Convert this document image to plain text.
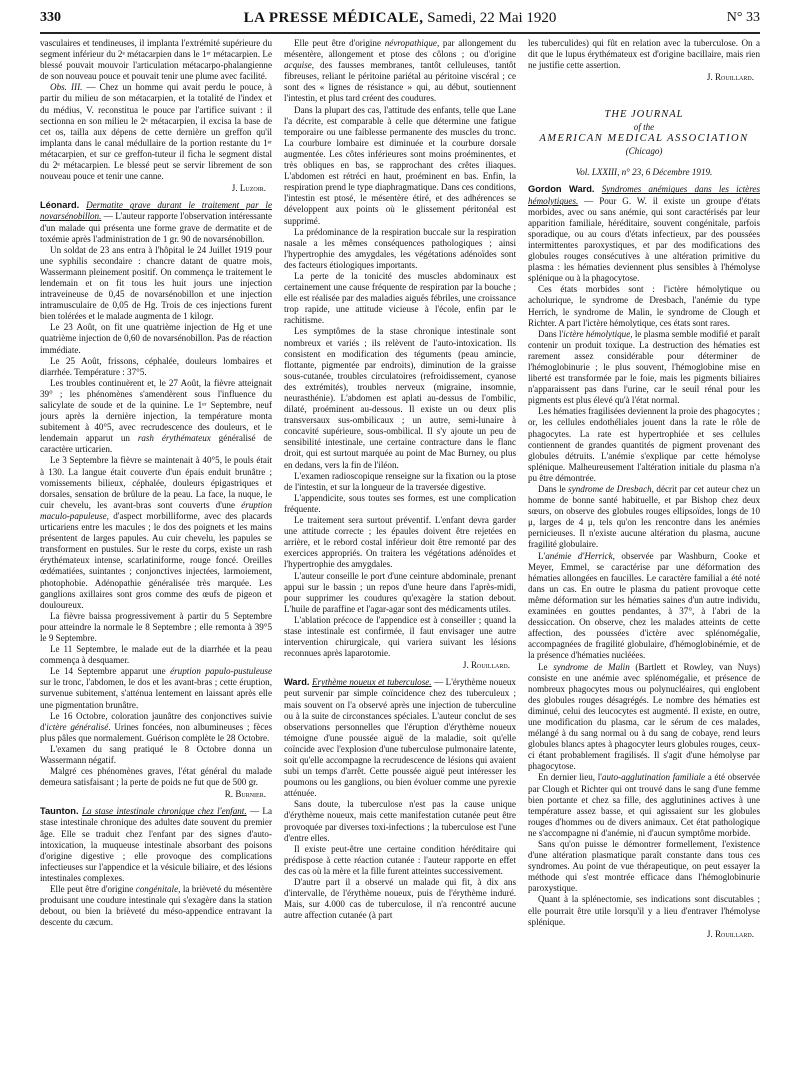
330	LA PRESSE MÉDICALE, Samedi, 22 Mai 1920	N° 33

vasculaires et tendineuses, il implanta l'extrémité supérieure du segment inférieur du 2ᵉ métacarpien dans le 1ᵉʳ métacarpien. Le blessé pouvait mouvoir l'articulation métacarpo-phalangienne de son nouveau pouce et pouvait tenir une plume avec facilité.

Obs. III. — Chez un homme qui avait perdu le pouce, à partir du milieu de son métacarpien, et la totalité de l'index et du médius, V. reconstitua le pouce par l'artifice suivant : il sectionna en son milieu le 2ᵉ métacarpien, il excisa la base de cet os, tailla aux dépens de cette dernière un greffon qu'il implanta dans le canal médullaire de la portion restante du 1ᵉʳ métacarpien, et sur ce greffon-tuteur il ficha le segment distal du 2ᵉ métacarpien. Le blessé peut se servir librement de son nouveau pouce et tenir une canne.

J. Luzoir.

Léonard. Dermatite grave durant le traitement par le novarsénobillon. — L'auteur rapporte l'observation intéressante d'un malade qui présenta une forme grave de dermatite et de toxémie après l'administration de 1 gr. 90 de novarsénobillon.

Un soldat de 23 ans entra à l'hôpital le 24 Juillet 1919 pour une syphilis secondaire : chancre datant de quatre mois, Wassermann pleinement positif. On commença le traitement le lendemain et on fit tous les huit jours une injection intraveineuse de 0,45 de novarsénobillon et une injection intramusculaire de 0,05 de Hg. Trois de ces injections furent bien tolérées et le malade augmenta de 1 kilogr.

Le 23 Août, on fit une quatrième injection de Hg et une quatrième injection de 0,60 de novarsénobillon. Pas de réaction immédiate.

Le 25 Août, frissons, céphalée, douleurs lombaires et diarrhée. Température : 37°5.

Les troubles continuèrent et, le 27 Août, la fièvre atteignait 39° ; les phénomènes s'amendèrent sous l'influence du salicylate de soude et de la quinine. Le 1ᵉʳ Septembre, neuf jours après la dernière injection, la température monta subitement à 40°5, avec recrudescence des douleurs, et le lendemain apparut un rash érythémateux généralisé de caractère urticarien.

Le 3 Septembre la fièvre se maintenait à 40°5, le pouls était à 130. La langue était couverte d'un épais enduit brunâtre ; vomissements bilieux, céphalée, douleurs épigastriques et dorsales, sensation de brûlure de la peau. La face, la nuque, le cuir chevelu, les avant-bras sont couverts d'une éruption maculo-papuleuse, d'aspect morbilliforme, avec des placards urticariens entre les macules ; le dos des poignets et les mains présentent de larges papules. Au cuir chevelu, les papules se transforment en pustules. Sur le reste du corps, existe un rash érythémateux intense, scarlatiniforme, rouge foncé. Oreilles œdématiées, suintantes ; conjonctives injectées, larmoiement, photophobie. Adénopathie généralisée très marquée. Les ganglions axillaires sont gros comme des œufs de pigeon et douloureux.

La fièvre baissa progressivement à partir du 5 Septembre pour atteindre la normale le 8 Septembre ; elle remonta à 39°5 le 9 Septembre.

Le 11 Septembre, le malade eut de la diarrhée et la peau commença à desquamer.

Le 14 Septembre apparut une éruption papulo-pustuleuse sur le tronc, l'abdomen, le dos et les avant-bras ; cette éruption, survenue subitement, s'atténua lentement en laissant après elle une pigmentation brunâtre.

Le 16 Octobre, coloration jaunâtre des conjonctives suivie d'ictère généralisé. Urines foncées, non albumineuses ; fèces plus pâles que normalement. Guérison complète le 28 Octobre.

L'examen du sang pratiqué le 8 Octobre donna un Wassermann négatif.

Malgré ces phénomènes graves, l'état général du malade demeura satisfaisant ; la perte de poids ne fut que de 500 gr.

R. Burnier.

Taunton. La stase intestinale chronique chez l'enfant. — La stase intestinale chronique des adultes date souvent du premier âge. Elle se traduit chez l'enfant par des signes d'auto-intoxication, la muqueuse intestinale absorbant des poisons d'origine digestive ; elle provoque des complications infectieuses sur l'appendice et la vésicule biliaire, et des lésions intestinales complexes.

Elle peut être d'origine congénitale, la brièveté du mésentère produisant une coudure intestinale qui s'exagère dans la station debout, ou bien la brièveté du méso-appendice entravant la descente du cæcum.

Elle peut être d'origine névropathique, par allongement du mésentère, allongement et ptose des côlons ; ou d'origine acquise, des fausses membranes, tantôt celluleuses, tantôt fibreuses, reliant le péritoine pariétal au péritoine viscéral ; ce sont des « lignes de résistance » qui, au début, soutiennent l'intestin, et plus tard créent des coudures.

Dans la plupart des cas, l'attitude des enfants, telle que Lane l'a décrite, est comparable à celle que détermine une fatigue temporaire ou une faiblesse permanente des muscles du tronc. La courbure lombaire est diminuée et la courbure dorsale augmentée. Les côtes inférieures sont moins proéminentes, et très obliques en bas, se rapprochant des crêtes iliaques. L'abdomen est rétréci en haut, proéminent en bas. Enfin, la respiration prend le type diaphragmatique. Dans ces conditions, l'intestin est ptosé, le mésentère étiré, et des adhérences se développent aux points où le glissement péritonéal est supprimé.

La prédominance de la respiration buccale sur la respiration nasale a les mêmes conséquences pathologiques ; ainsi l'hypertrophie des amygdales, les végétations adénoïdes sont des facteurs étiologiques importants.

La perte de la tonicité des muscles abdominaux est certainement une cause fréquente de respiration par la bouche ; elle est réalisée par des maladies aiguës fébriles, une croissance trop rapide, une attitude vicieuse à l'école, enfin par le rachitisme.

Les symptômes de la stase chronique intestinale sont nombreux et variés ; ils relèvent de l'auto-intoxication. Ils consistent en modification des téguments (peau amincie, flottante, pigmentée par endroits), diminution de la graisse sous-cutanée, troubles circulatoires (refroidissement, cyanose des extrémités), troubles nerveux (migraine, insomnie, neurasthénie). L'abdomen est aplati au-dessus de l'ombilic, dilaté, proéminent au-dessous. Il existe un ou deux plis transversaux sus-ombilicaux ; un autre, semi-lunaire à concavité supérieure, sous-ombilical. Il s'y ajoute un peu de sensibilité intestinale, une certaine contracture dans le flanc droit, qui est surtout marquée au point de Mac Burney, ou plus en dedans, vers la fin de l'iléon.

L'examen radioscopique renseigne sur la fixation ou la ptose de l'intestin, et sur la longueur de la traversée digestive.

L'appendicite, sous toutes ses formes, est une complication fréquente.

Le traitement sera surtout préventif. L'enfant devra garder une attitude correcte ; les épaules doivent être rejetées en arrière, et le rebord costal inférieur doit être remonté par des exercices appropriés. On traitera les végétations adénoïdes et l'hypertrophie des amygdales.

L'auteur conseille le port d'une ceinture abdominale, prenant appui sur le bassin ; un repos d'une heure dans l'après-midi, pour supprimer les coudures qu'exagère la station debout. L'huile de paraffine et l'agar-agar sont des médicaments utiles.

L'ablation précoce de l'appendice est à conseiller ; quand la stase intestinale est confirmée, il faut envisager une autre intervention chirurgicale, qui variera suivant les lésions reconnues après laparotomie.

J. Rouillard.

Ward. Erythème noueux et tuberculose. — L'érythème noueux peut survenir par simple coïncidence chez des tuberculeux ; mais souvent on l'a observé après une injection de tuberculine ou à la suite de circonstances spéciales. L'auteur conclut de ses observations personnelles que l'éruption d'érythème noueux témoigne d'une poussée aiguë de la maladie, soit qu'elle coïncide avec l'explosion d'une tuberculose pulmonaire latente, soit qu'elle accompagne la recrudescence de lésions qui avaient subi un temps d'arrêt. Cette poussée aiguë peut intéresser les poumons ou les ganglions, ou bien évoluer comme une pyrexie atténuée.

Sans doute, la tuberculose n'est pas la cause unique d'érythème noueux, mais cette manifestation cutanée peut être provoquée par diverses toxi-infections ; la tuberculose est l'une d'entre elles.

Il existe peut-être une certaine condition héréditaire qui prédispose à cette réaction cutanée : l'auteur rapporte en effet des cas où la mère et la fille furent atteintes successivement.

D'autre part il a observé un malade qui fit, à dix ans d'intervalle, de l'érythème noueux, puis de l'érythème induré. Mais, sur 4.000 cas de tuberculose, il n'a rencontré aucune autre affection cutanée (à part

les tuberculides) qui fût en relation avec la tuberculose. On a dit que le lupus érythémateux est d'origine bacillaire, mais rien ne justifie cette assertion.

J. Rouillard.
THE JOURNAL
of the
AMERICAN MEDICAL ASSOCIATION
(Chicago)
Vol. LXXIII, n° 23, 6 Décembre 1919.

Gordon Ward. Syndromes anémiques dans les ictères hémolytiques. — Pour G. W. il existe un groupe d'états morbides, avec ou sans anémie, qui sont caractérisés par leur apparition familiale, héréditaire, souvent congénitale, parfois sporadique, ou au cours d'états infectieux, par des poussées intermittentes paroxystiques, et par des modifications des globules rouges consécutives à une altération primitive du plasma : les hématies deviennent plus sensibles à l'hémolyse splénique ou à la phagocytose.

Ces états morbides sont : l'ictère hémolytique ou acholurique, le syndrome de Dresbach, l'anémie du type Herrich, le syndrome de Malin, le syndrome de Clough et Richter. A part l'ictère hémolytique, ces états sont rares.

Dans l'ictère hémolytique, le plasma semble modifié et paraît contenir un produit toxique. La destruction des hématies est rarement assez considérable pour déterminer de l'hémoglobinurie ; le plus souvent, l'hémoglobine mise en liberté est transformée par le foie, mais les pigments biliaires n'apparaissent pas dans l'urine, car le seuil rénal pour les pigments est plus élevé qu'à l'état normal.

Les hématies fragilisées deviennent la proie des phagocytes ; or, les cellules endothéliales jouent dans la rate le rôle de phagocytes. La rate est hypertrophiée et ses cellules contiennent de grandes quantités de pigment provenant des globules détruits. L'anémie s'explique par cette hémolyse splénique. Malheureusement l'altération initiale du plasma n'a pu être démontrée.

Dans le syndrome de Dresbach, décrit par cet auteur chez un homme de bonne santé habituelle, et par Bishop chez deux sœurs, on observe des globules rouges ellipsoïdes, longs de 10 μ, larges de 4 μ, tels qu'on les rencontre dans les anémies pernicieuses. Il n'existe aucune altération du plasma, aucune fragilité globulaire.

L'anémie d'Herrick, observée par Washburn, Cooke et Meyer, Emmel, se caractérise par une déformation des hématies allongées en faucilles. Le caractère familial a été noté dans un cas. En outre le plasma du patient provoque cette même déformation sur les hématies saines d'un autre individu, examinées en gouttes pendantes, à 37°, à l'abri de la dessiccation. On observe, chez les malades atteints de cette affection, des poussées d'ictère avec splénomégalie, accompagnées de fragilité globulaire, d'hémoglobinémie, et de la présence d'hématies nucléées.

Le syndrome de Malin (Bartlett et Rowley, van Nuys) consiste en une anémie avec splénomégalie, et présence de nombreux phagocytes mous ou polynucléaires, qui englobent des globules rouges désagrégés. Le nombre des hématies est diminué, celui des leucocytes est augmenté. Il existe, en outre, une modification du plasma, car le sérum de ces malades, mélangé à du sang normal ou à du sang de cobaye, rend leurs globules blancs aptes à phagocyter leurs globules rouges, ceux-ci étant probablement fragilisés. Il s'agit d'une hémolyse par phagocytose.

En dernier lieu, l'auto-agglutination familiale a été observée par Clough et Richter qui ont trouvé dans le sang d'une femme bien portante et chez sa fille, des agglutinines actives à une température assez basse, et qui agissaient sur les globules rouges d'hommes ou de divers animaux. Cet état pathologique ne s'accompagne ni d'anémie, ni d'aucun symptôme morbide.

Sans qu'on puisse le démontrer formellement, l'existence d'une altération plasmatique paraît constante dans tous ces syndromes. Au point de vue thérapeutique, on peut essayer la méthode qui s'est montrée efficace dans l'hémoglobinurie paroxystique.

Quant à la splénectomie, ses indications sont discutables ; elle pourrait être utile lorsqu'il y a lieu d'entraver l'hémolyse splénique.

J. Rouillard.
